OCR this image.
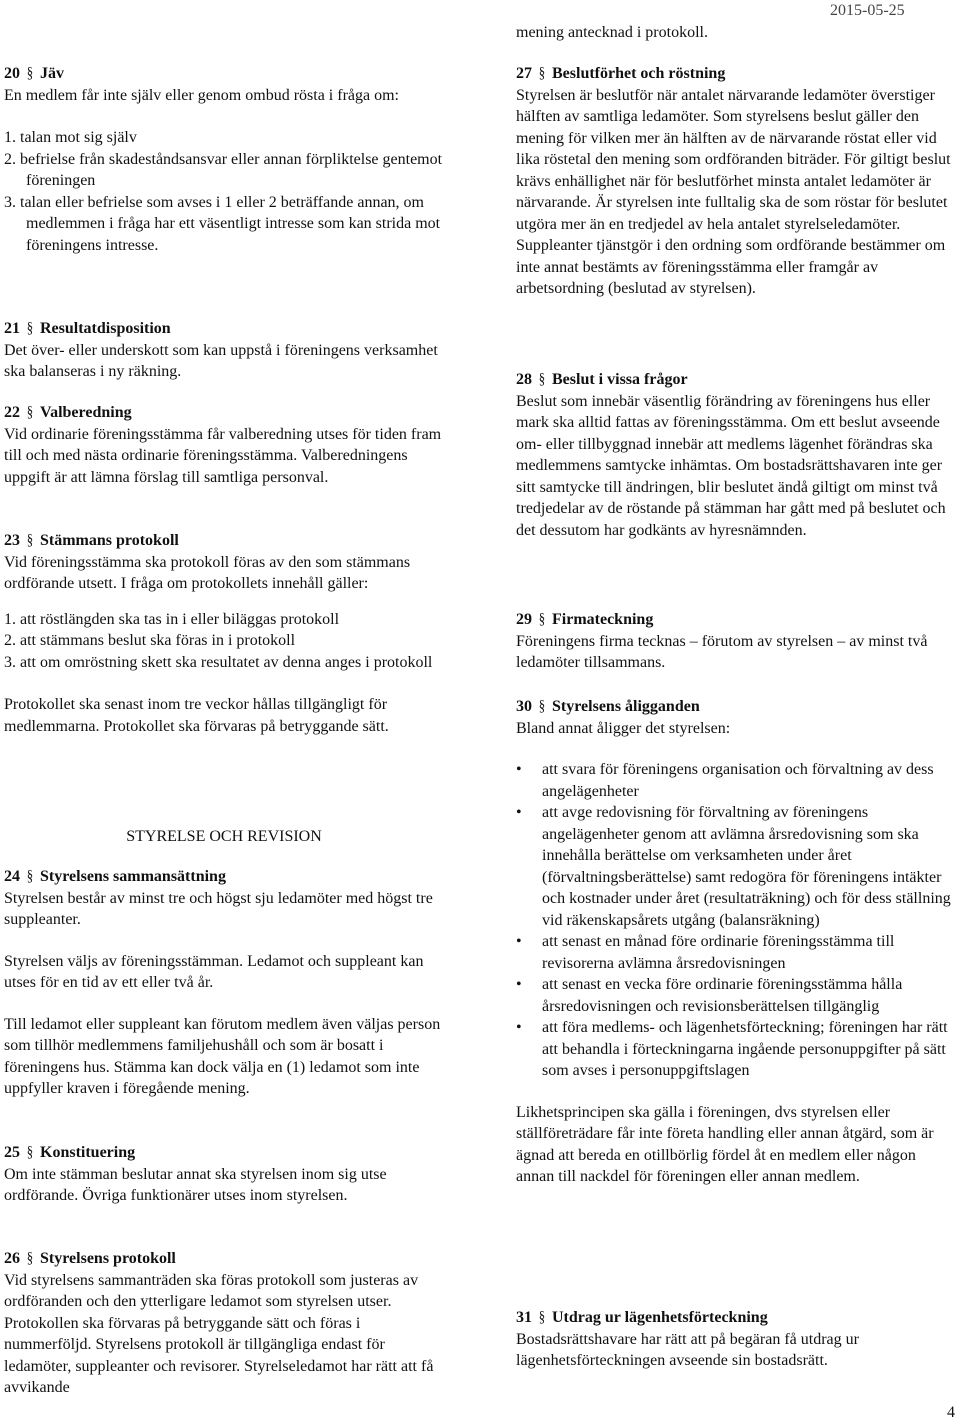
2015-05-25
mening antecknad i protokoll.
20 § Jäv

En medlem får inte själv eller genom ombud rösta i fråga om:

1. talan mot sig själv
2. befrielse från skadeståndsansvar eller annan förpliktelse gentemot föreningen
3. talan eller befrielse som avses i 1 eller 2 beträffande annan, om medlemmen i fråga har ett väsentligt intresse som kan strida mot föreningens intresse.
21 § Resultatdisposition

Det över- eller underskott som kan uppstå i föreningens verksamhet ska balanseras i ny räkning.

22 § Valberedning

Vid ordinarie föreningsstämma får valberedning utses för tiden fram till och med nästa ordinarie föreningsstämma. Valberedningens uppgift är att lämna förslag till samtliga personval.

23 § Stämmans protokoll

Vid föreningsstämma ska protokoll föras av den som stämmans ordförande utsett. I fråga om protokollets innehåll gäller:

1. att röstlängden ska tas in i eller biläggas protokoll
2. att stämmans beslut ska föras in i protokoll
3. att om omröstning skett ska resultatet av denna anges i protokoll

Protokollet ska senast inom tre veckor hållas tillgängligt för medlemmarna. Protokollet ska förvaras på betryggande sätt.

STYRELSE OCH REVISION
24 § Styrelsens sammansättning

Styrelsen består av minst tre och högst sju ledamöter med högst tre suppleanter.

Styrelsen väljs av föreningsstämman. Ledamot och suppleant kan utses för en tid av ett eller två år.

Till ledamot eller suppleant kan förutom medlem även väljas person som tillhör medlemmens familjehushåll och som är bosatt i föreningens hus. Stämma kan dock välja en (1) ledamot som inte uppfyller kraven i föregående mening.

25 § Konstituering

Om inte stämman beslutar annat ska styrelsen inom sig utse ordförande. Övriga funktionärer utses inom styrelsen.

26 § Styrelsens protokoll

Vid styrelsens sammanträden ska föras protokoll som justeras av ordföranden och den ytterligare ledamot som styrelsen utser. Protokollen ska förvaras på betryggande sätt och föras i nummerföljd. Styrelsens protokoll är tillgängliga endast för ledamöter, suppleanter och revisorer. Styrelseledamot har rätt att få avvikande

27 § Beslutförhet och röstning

Styrelsen är beslutför när antalet närvarande ledamöter överstiger hälften av samtliga ledamöter. Som styrelsens beslut gäller den mening för vilken mer än hälften av de närvarande röstat eller vid lika röstetal den mening som ordföranden biträder. För giltigt beslut krävs enhällighet när för beslutförhet minsta antalet ledamöter är närvarande. Är styrelsen inte fulltalig ska de som röstar för beslutet utgöra mer än en tredjedel av hela antalet styrelseledamöter. Suppleanter tjänstgör i den ordning som ordförande bestämmer om inte annat bestämts av föreningsstämma eller framgår av arbetsordning (beslutad av styrelsen).

28 § Beslut i vissa frågor

Beslut som innebär väsentlig förändring av föreningens hus eller mark ska alltid fattas av föreningsstämma. Om ett beslut avseende om- eller tillbyggnad innebär att medlems lägenhet förändras ska medlemmens samtycke inhämtas. Om bostadsrättshavaren inte ger sitt samtycke till ändringen, blir beslutet ändå giltigt om minst två tredjedelar av de röstande på stämman har gått med på beslutet och det dessutom har godkänts av hyresnämnden.

29 § Firmateckning

Föreningens firma tecknas – förutom av styrelsen – av minst två ledamöter tillsammans.

30 § Styrelsens åligganden

Bland annat åligger det styrelsen:

• att svara för föreningens organisation och förvaltning av dess angelägenheter
• att avge redovisning för förvaltning av föreningens angelägenheter genom att avlämna årsredovisning som ska innehålla berättelse om verksamheten under året (förvaltningsberättelse) samt redogöra för föreningens intäkter och kostnader under året (resultaträkning) och för dess ställning vid räkenskapsårets utgång (balansräkning)
• att senast en månad före ordinarie föreningsstämma till revisorerna avlämna årsredovisningen
• att senast en vecka före ordinarie föreningsstämma hålla årsredovisningen och revisionsberättelsen tillgänglig
• att föra medlems- och lägenhetsförteckning; föreningen har rätt att behandla i förteckningarna ingående personuppgifter på sätt som avses i personuppgiftslagen

Likhetsprincipen ska gälla i föreningen, dvs styrelsen eller ställföreträdare får inte företa handling eller annan åtgärd, som är ägnad att bereda en otillbörlig fördel åt en medlem eller någon annan till nackdel för föreningen eller annan medlem.

31 § Utdrag ur lägenhetsförteckning

Bostadsrättshavare har rätt att på begäran få utdrag ur lägenhetsförteckningen avseende sin bostadsrätt.

4
